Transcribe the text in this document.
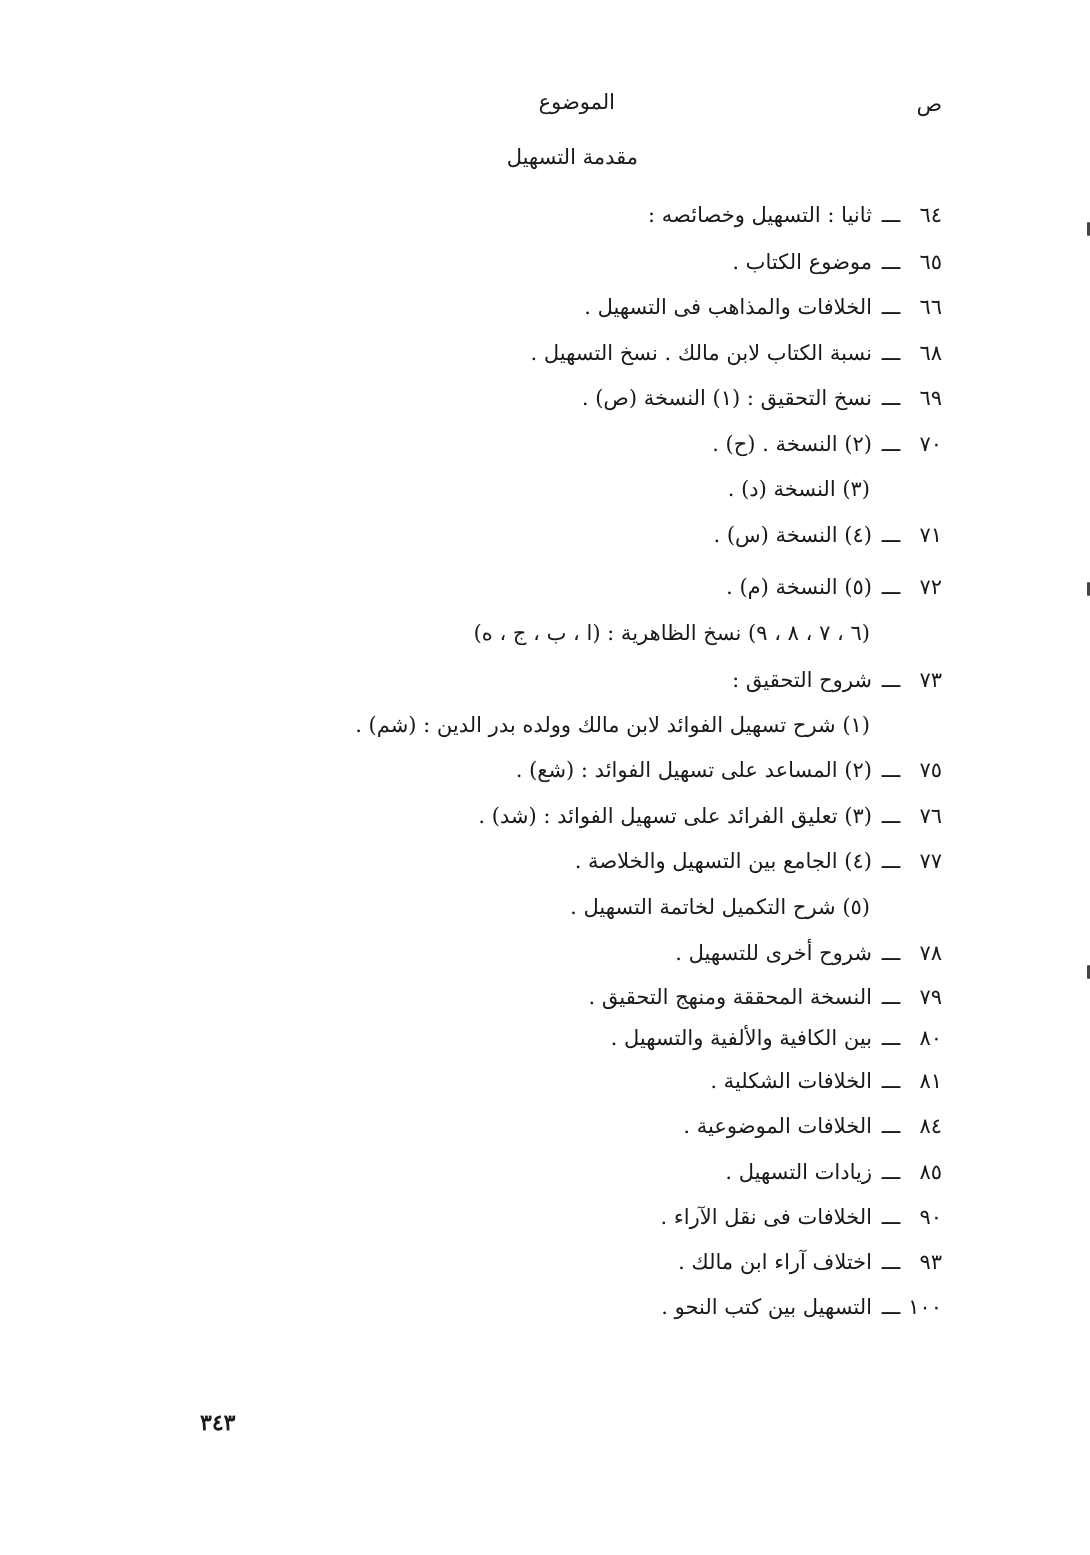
ص
الموضوع
مقدمة التسهيل
٦٤ـــثانيا : التسهيل وخصائصه :
٦٥ـــموضوع الكتاب .
٦٦ـــالخلافات والمذاهب فى التسهيل .
٦٨ـــنسبة الكتاب لابن مالك . نسخ التسهيل .
٦٩ـــنسخ التحقيق : (١) النسخة (ص) .
٧٠ـــ(٢) النسخة . (ح) .
(٣) النسخة (د) .
٧١ـــ(٤) النسخة (س) .
٧٢ـــ(٥) النسخة (م) .
(٦ ، ٧ ، ٨ ، ٩) نسخ الظاهرية : (ا ، ب ، ج ، ه)
٧٣ـــشروح التحقيق :
(١) شرح تسهيل الفوائد لابن مالك وولده بدر الدين : (شم) .
٧٥ـــ(٢) المساعد على تسهيل الفوائد : (شع) .
٧٦ـــ(٣) تعليق الفرائد على تسهيل الفوائد : (شد) .
٧٧ـــ(٤) الجامع بين التسهيل والخلاصة .
(٥) شرح التكميل لخاتمة التسهيل .
٧٨ـــشروح أخرى للتسهيل .
٧٩ـــالنسخة المحققة ومنهج التحقيق .
٨٠ـــبين الكافية والألفية والتسهيل .
٨١ـــالخلافات الشكلية .
٨٤ـــالخلافات الموضوعية .
٨٥ـــزيادات التسهيل .
٩٠ـــالخلافات فى نقل الآراء .
٩٣ـــاختلاف آراء ابن مالك .
١٠٠ـــالتسهيل بين كتب النحو .
٣٤٣
